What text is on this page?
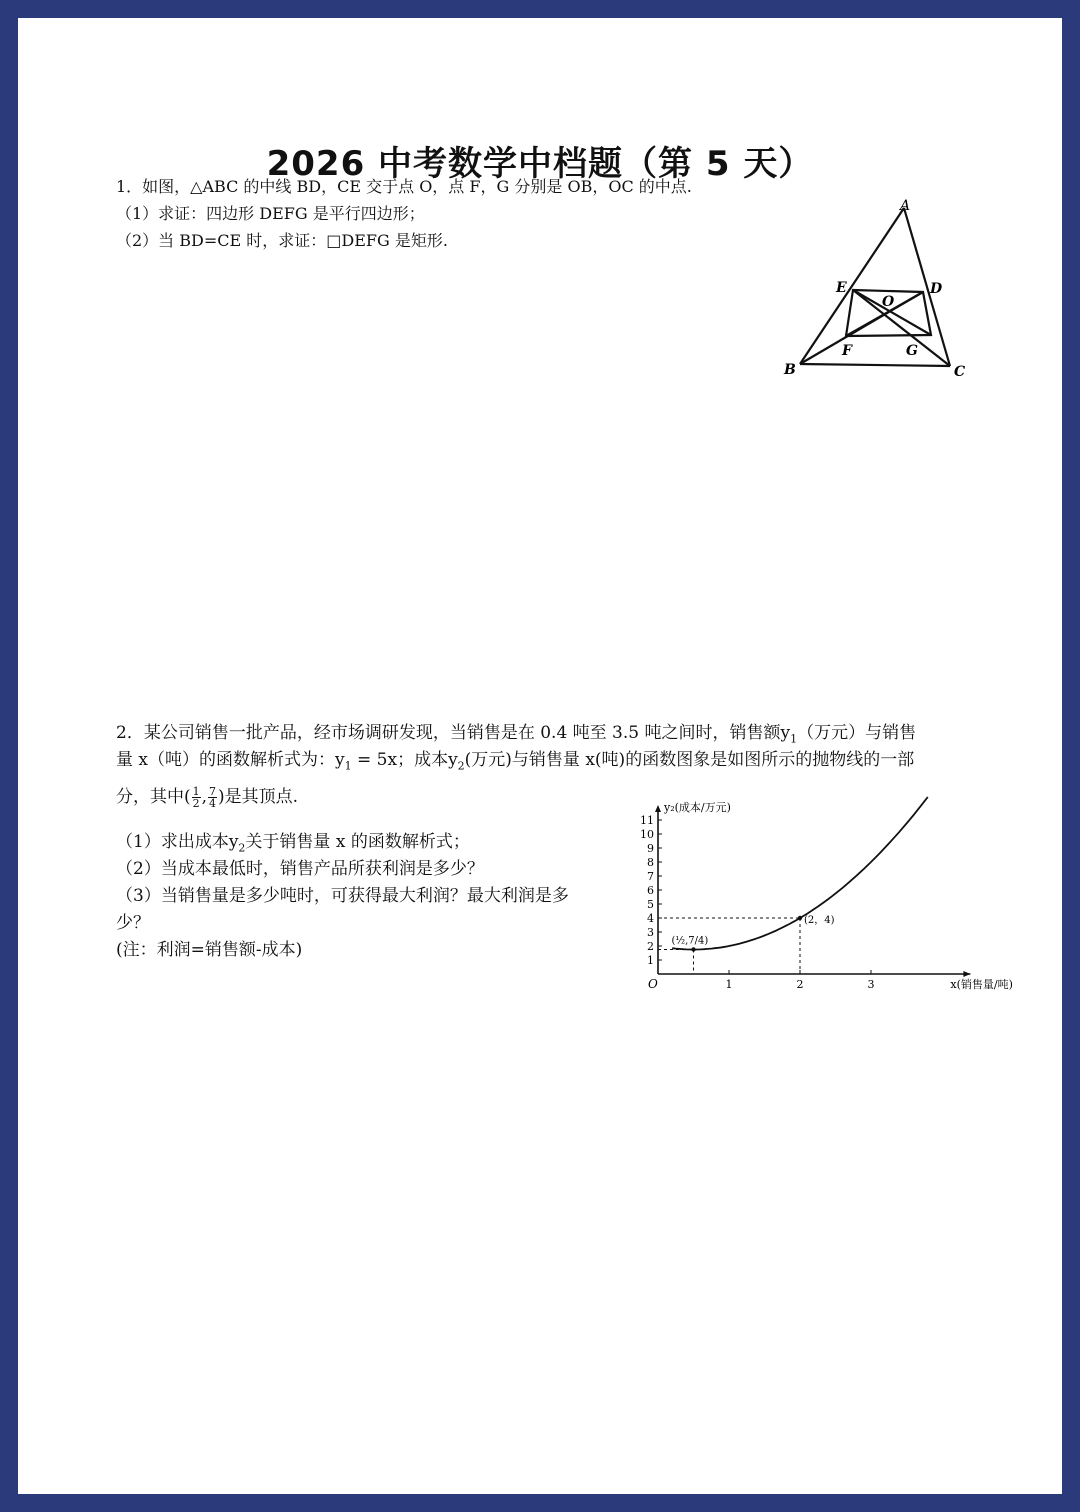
2026 中考数学中档题（第 5 天）
1．如图，△ABC 的中线 BD，CE 交于点 O，点 F，G 分别是 OB，OC 的中点.
（1）求证：四边形 DEFG 是平行四边形；
（2）当 BD=CE 时，求证：□DEFG 是矩形.
A
E	D
O
F	G
B	C
2．某公司销售一批产品，经市场调研发现，当销售是在 0.4 吨至 3.5 吨之间时，销售额$y_1$（万元）与销售
量 x（吨）的函数解析式为：$y_1 = 5x$；成本$y_2$(万元)与销售量 x(吨)的函数图象是如图所示的抛物线的一部
分，其中( $\frac{1}{2}$ , $\frac{7}{4}$ )是其顶点.
（1）求出成本$y_2$关于销售量 x 的函数解析式；
（2）当成本最低时，销售产品所获利润是多少？
（3）当销售量是多少吨时，可获得最大利润？最大利润是多
少？
(注：利润=销售额-成本)
1
2
3
4
5
6
7
8
9
10
11
1	2	3
O
y₂(成本/万元)
x(销售量/吨)
(½,7/4)
(2，4)
